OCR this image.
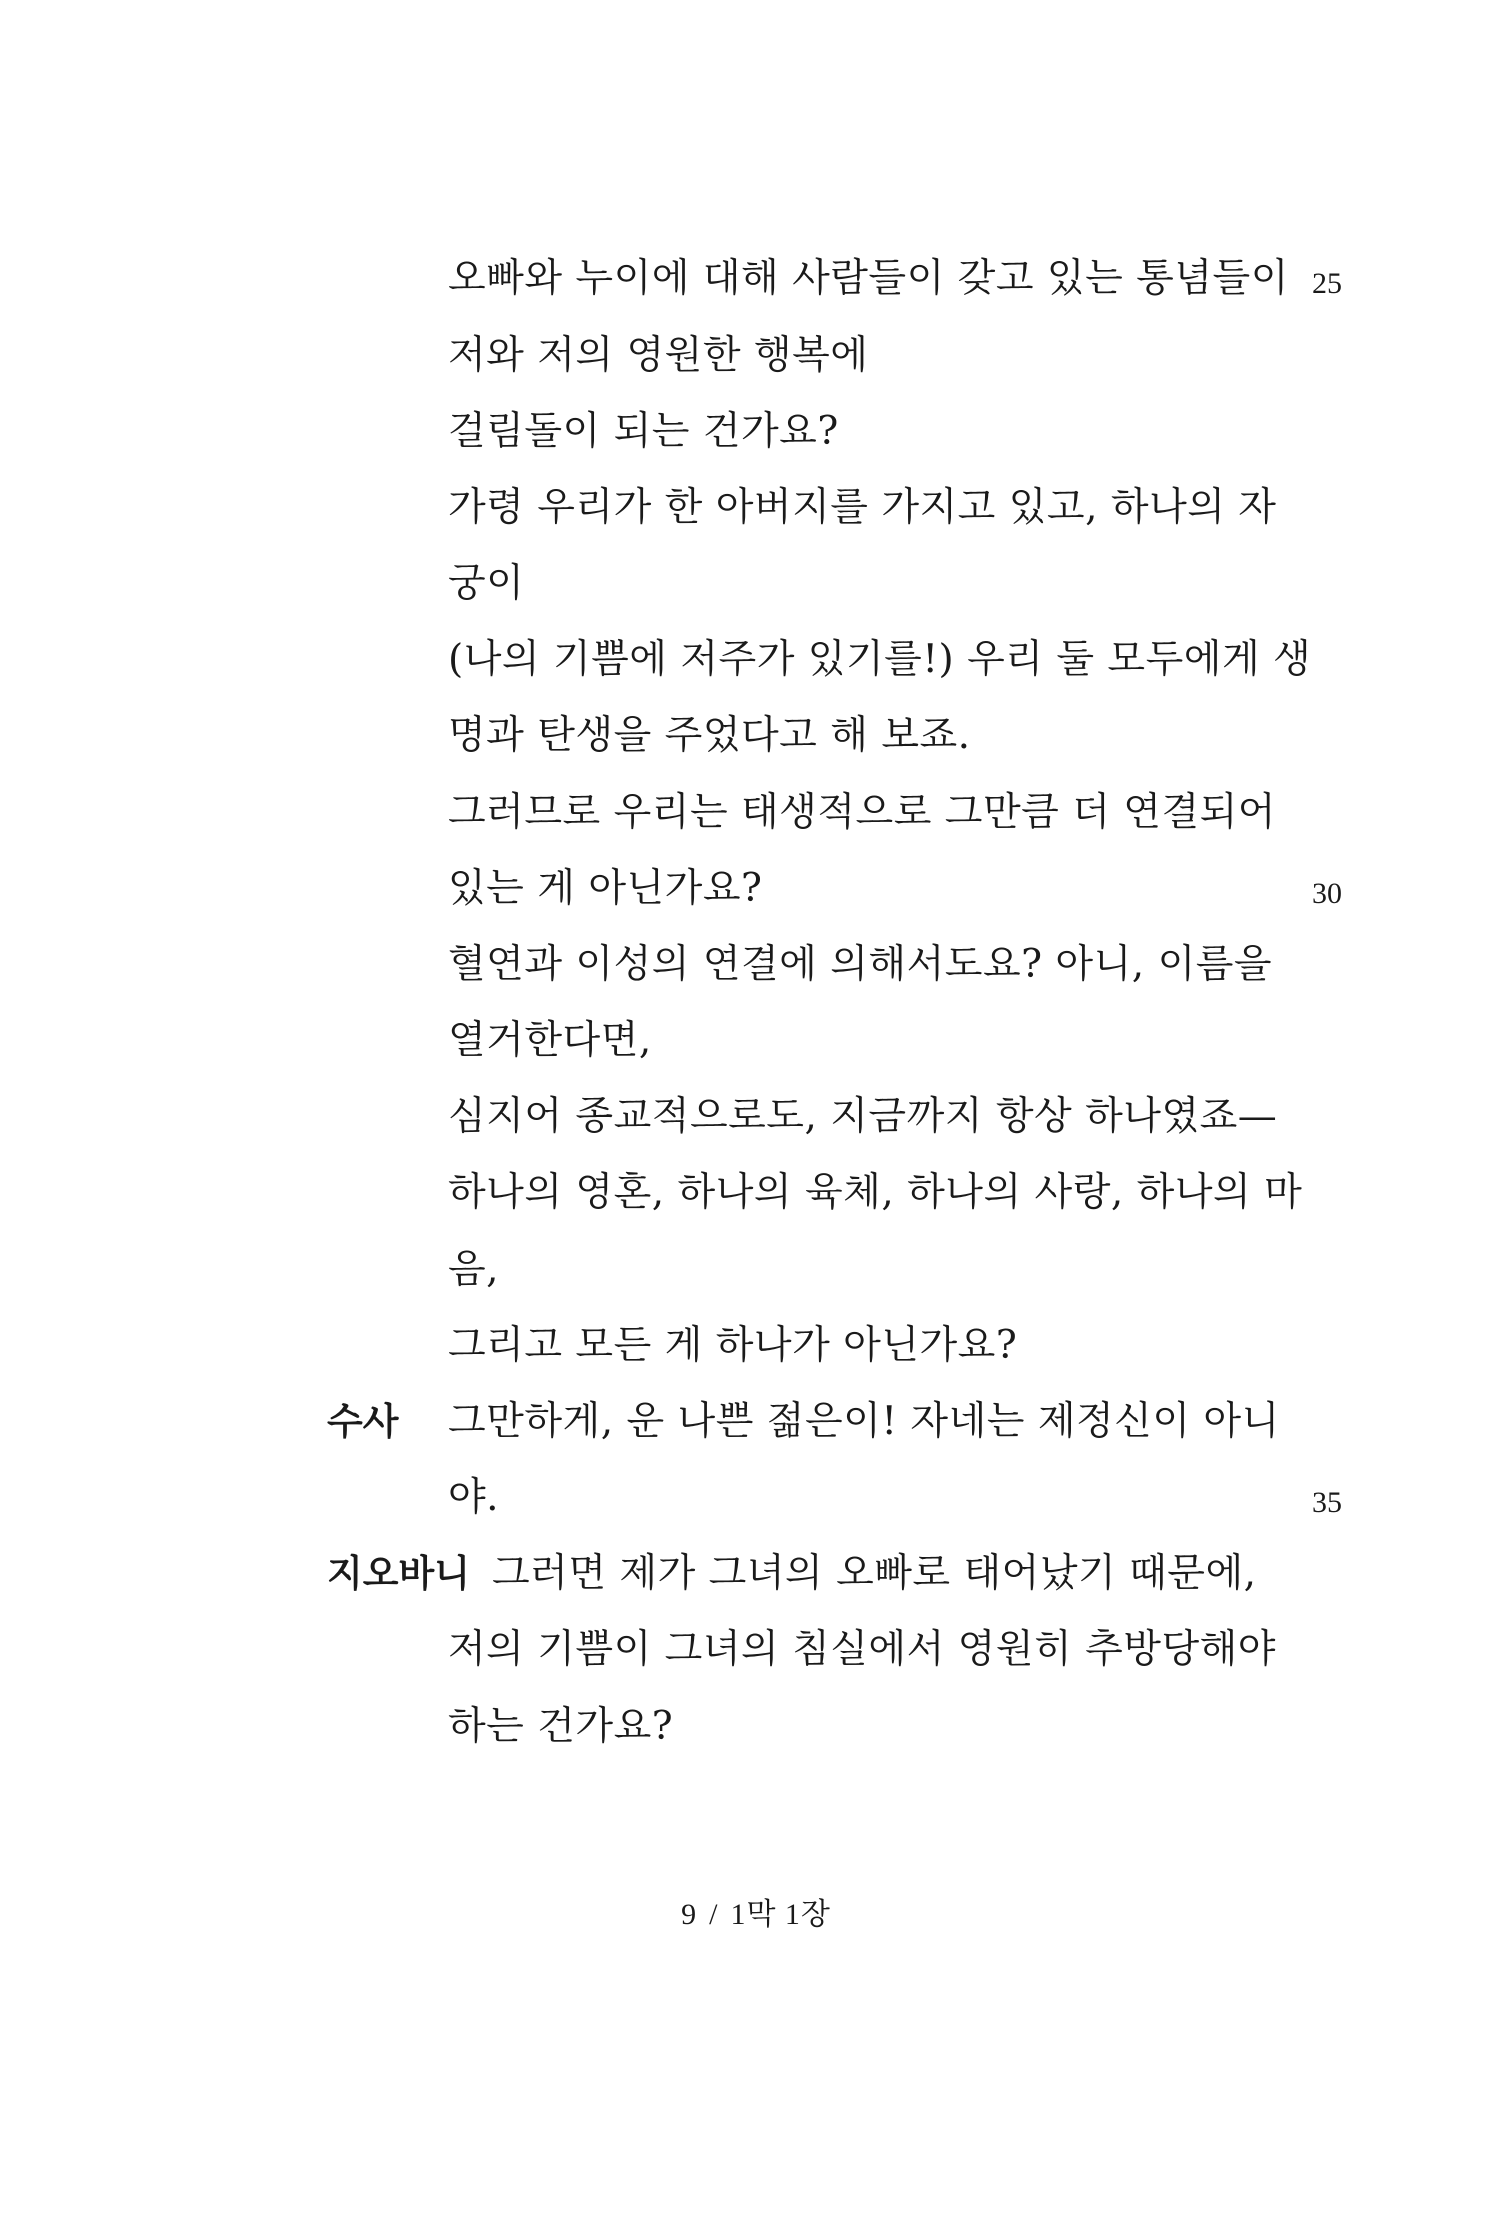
오빠와 누이에 대해 사람들이 갖고 있는 통념들이 25
저와 저의 영원한 행복에
걸림돌이 되는 건가요?
가령 우리가 한 아버지를 가지고 있고, 하나의 자
궁이
(나의 기쁨에 저주가 있기를!) 우리 둘 모두에게 생
명과 탄생을 주었다고 해 보죠.
그러므로 우리는 태생적으로 그만큼 더 연결되어
있는 게 아닌가요?	30
혈연과 이성의 연결에 의해서도요? 아니, 이름을
열거한다면,
심지어 종교적으로도, 지금까지 항상 하나였죠—
하나의 영혼, 하나의 육체, 하나의 사랑, 하나의 마
음,
그리고 모든 게 하나가 아닌가요?
수사 그만하게, 운 나쁜 젊은이! 자네는 제정신이 아니
야.	35
지오바니 그러면 제가 그녀의 오빠로 태어났기 때문에,
저의 기쁨이 그녀의 침실에서 영원히 추방당해야
하는 건가요?
9 / 1막 1장
